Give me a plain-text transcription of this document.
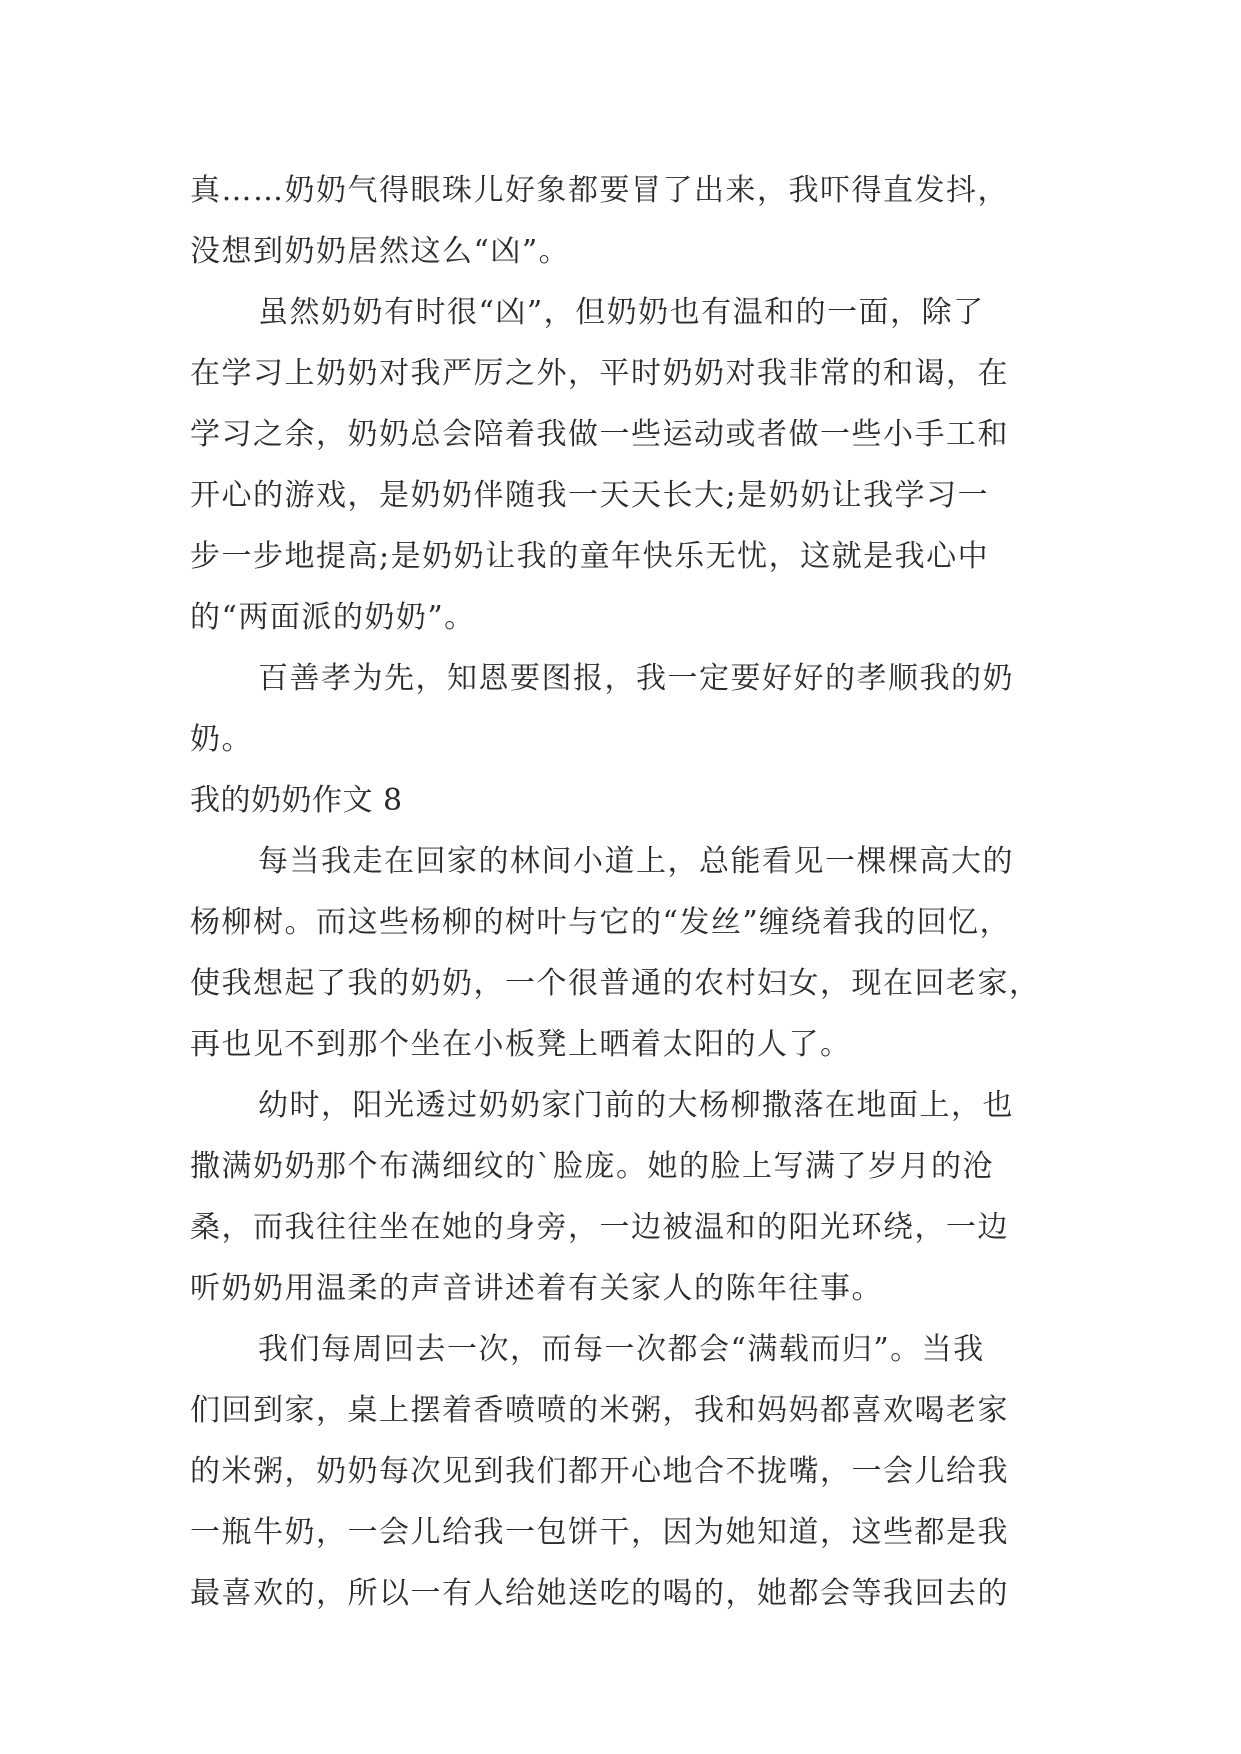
真……奶奶气得眼珠儿好象都要冒了出来，我吓得直发抖，
没想到奶奶居然这么“凶”。
虽然奶奶有时很“凶”，但奶奶也有温和的一面，除了
在学习上奶奶对我严厉之外，平时奶奶对我非常的和谒，在
学习之余，奶奶总会陪着我做一些运动或者做一些小手工和
开心的游戏，是奶奶伴随我一天天长大;是奶奶让我学习一
步一步地提高;是奶奶让我的童年快乐无忧，这就是我心中
的“两面派的奶奶”。
百善孝为先，知恩要图报，我一定要好好的孝顺我的奶
奶。
我的奶奶作文 8
每当我走在回家的林间小道上，总能看见一棵棵高大的
杨柳树。而这些杨柳的树叶与它的“发丝”缠绕着我的回忆，
使我想起了我的奶奶，一个很普通的农村妇女，现在回老家，
再也见不到那个坐在小板凳上晒着太阳的人了。
幼时，阳光透过奶奶家门前的大杨柳撒落在地面上，也
撒满奶奶那个布满细纹的`脸庞。她的脸上写满了岁月的沧
桑，而我往往坐在她的身旁，一边被温和的阳光环绕，一边
听奶奶用温柔的声音讲述着有关家人的陈年往事。
我们每周回去一次，而每一次都会“满载而归”。当我
们回到家，桌上摆着香喷喷的米粥，我和妈妈都喜欢喝老家
的米粥，奶奶每次见到我们都开心地合不拢嘴，一会儿给我
一瓶牛奶，一会儿给我一包饼干，因为她知道，这些都是我
最喜欢的，所以一有人给她送吃的喝的，她都会等我回去的
